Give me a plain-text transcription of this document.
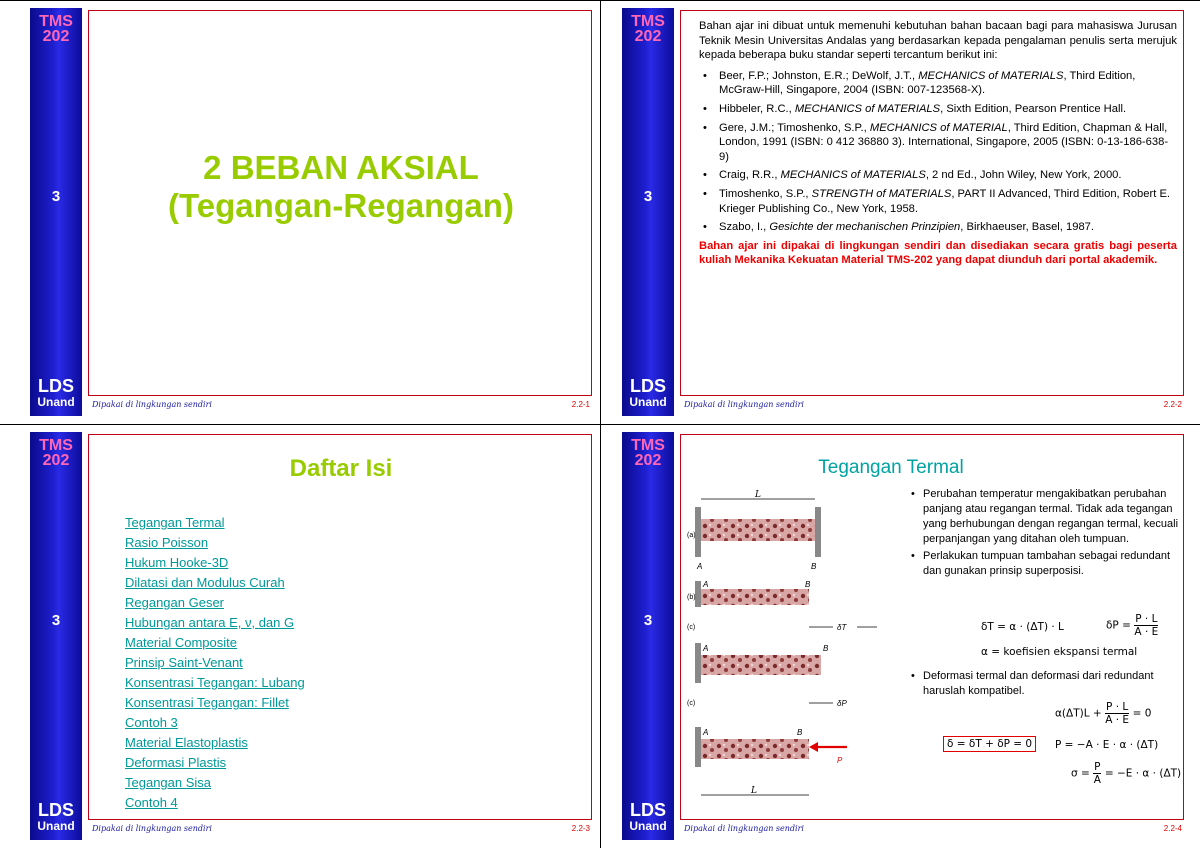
TMS
202
3
LDS
Unand
2 BEBAN AKSIAL
(Tegangan-Regangan)
Dipakai di lingkungan sendiri	2.2-1
TMS
202
3
LDS
Unand

Bahan ajar ini dibuat untuk memenuhi kebutuhan bahan bacaan bagi para mahasiswa Jurusan Teknik Mesin Universitas Andalas yang berdasarkan kepada pengalaman penulis serta merujuk kepada beberapa buku standar seperti tercantum berikut ini:

• Beer, F.P.; Johnston, E.R.; DeWolf, J.T., MECHANICS of MATERIALS, Third Edition, McGraw-Hill, Singapore, 2004 (ISBN: 007-123568-X).
• Hibbeler, R.C., MECHANICS of MATERIALS, Sixth Edition, Pearson Prentice Hall.
• Gere, J.M.; Timoshenko, S.P., MECHANICS of MATERIAL, Third Edition, Chapman & Hall, London, 1991 (ISBN: 0 412 36880 3). International, Singapore, 2005 (ISBN: 0-13-186-638-9)
• Craig, R.R., MECHANICS of MATERIALS, 2 nd Ed., John Wiley, New York, 2000.
• Timoshenko, S.P., STRENGTH of MATERIALS, PART II Advanced, Third Edition, Robert E. Krieger Publishing Co., New York, 1958.
• Szabo, I., Gesichte der mechanischen Prinzipien, Birkhaeuser, Basel, 1987.
Bahan ajar ini dipakai di lingkungan sendiri dan disediakan secara gratis bagi peserta kuliah Mekanika Kekuatan Material TMS-202 yang dapat diunduh dari portal akademik.
Dipakai di lingkungan sendiri	2.2-2
TMS
202
3
LDS
Unand
Daftar Isi
Tegangan Termal
Rasio Poisson
Hukum Hooke-3D
Dilatasi dan Modulus Curah
Regangan Geser
Hubungan antara E, ν, dan G
Material Composite
Prinsip Saint-Venant
Konsentrasi Tegangan: Lubang
Konsentrasi Tegangan: Fillet
Contoh 3
Material Elastoplastis
Deformasi Plastis
Tegangan Sisa
Contoh 4
Dipakai di lingkungan sendiri	2.2-3
TMS
202
3
LDS
Unand
Tegangan Termal
L
A	B
(a)
A	B
(b)
δT
(c)
A	B
δP
(c)
A	B
P
L
• Perubahan temperatur mengakibatkan perubahan panjang atau regangan termal. Tidak ada tegangan yang berhubungan dengan regangan termal, kecuali perpanjangan yang ditahan oleh tumpuan.
• Perlakukan tumpuan tambahan sebagai redundant dan gunakan prinsip superposisi.
δT = α · (ΔT) · L	$\delta P = \frac{P \cdot L}{A \cdot E}$
α = koefisien ekspansi termal
• Deformasi termal dan deformasi dari redundant haruslah kompatibel.
$\alpha(\Delta T)L + \frac{P \cdot L}{A \cdot E} = 0$
δ = δT + δP = 0	P = −A · E · α · (ΔT)
$\sigma = \frac{P}{A} = -E \cdot \alpha \cdot (\Delta T)$
Dipakai di lingkungan sendiri	2.2-4
